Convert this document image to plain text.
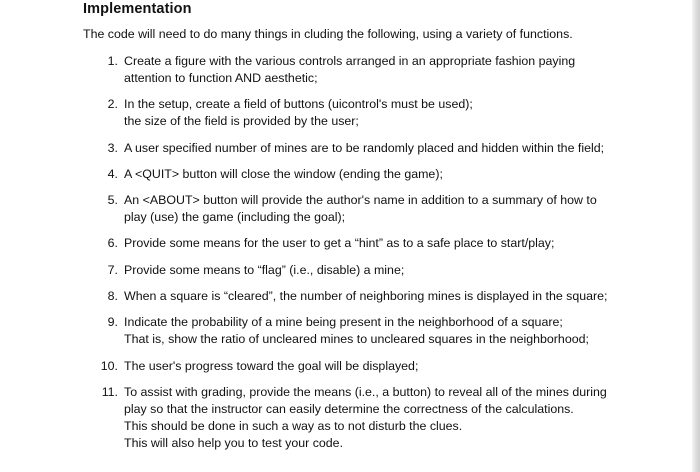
Implementation
The code will need to do many things in cluding the following, using a variety of functions.
1. Create a figure with the various controls arranged in an appropriate fashion paying
attention to function AND aesthetic;
2. In the setup, create a field of buttons (uicontrol's must be used);
the size of the field is provided by the user;
3. A user specified number of mines are to be randomly placed and hidden within the field;
4. A <QUIT> button will close the window (ending the game);
5. An <ABOUT> button will provide the author's name in addition to a summary of how to
play (use) the game (including the goal);
6. Provide some means for the user to get a “hint” as to a safe place to start/play;
7. Provide some means to “flag” (i.e., disable) a mine;
8. When a square is “cleared”, the number of neighboring mines is displayed in the square;
9. Indicate the probability of a mine being present in the neighborhood of a square;
That is, show the ratio of uncleared mines to uncleared squares in the neighborhood;
10. The user's progress toward the goal will be displayed;
11. To assist with grading, provide the means (i.e., a button) to reveal all of the mines during
play so that the instructor can easily determine the correctness of the calculations.
This should be done in such a way as to not disturb the clues.
This will also help you to test your code.
